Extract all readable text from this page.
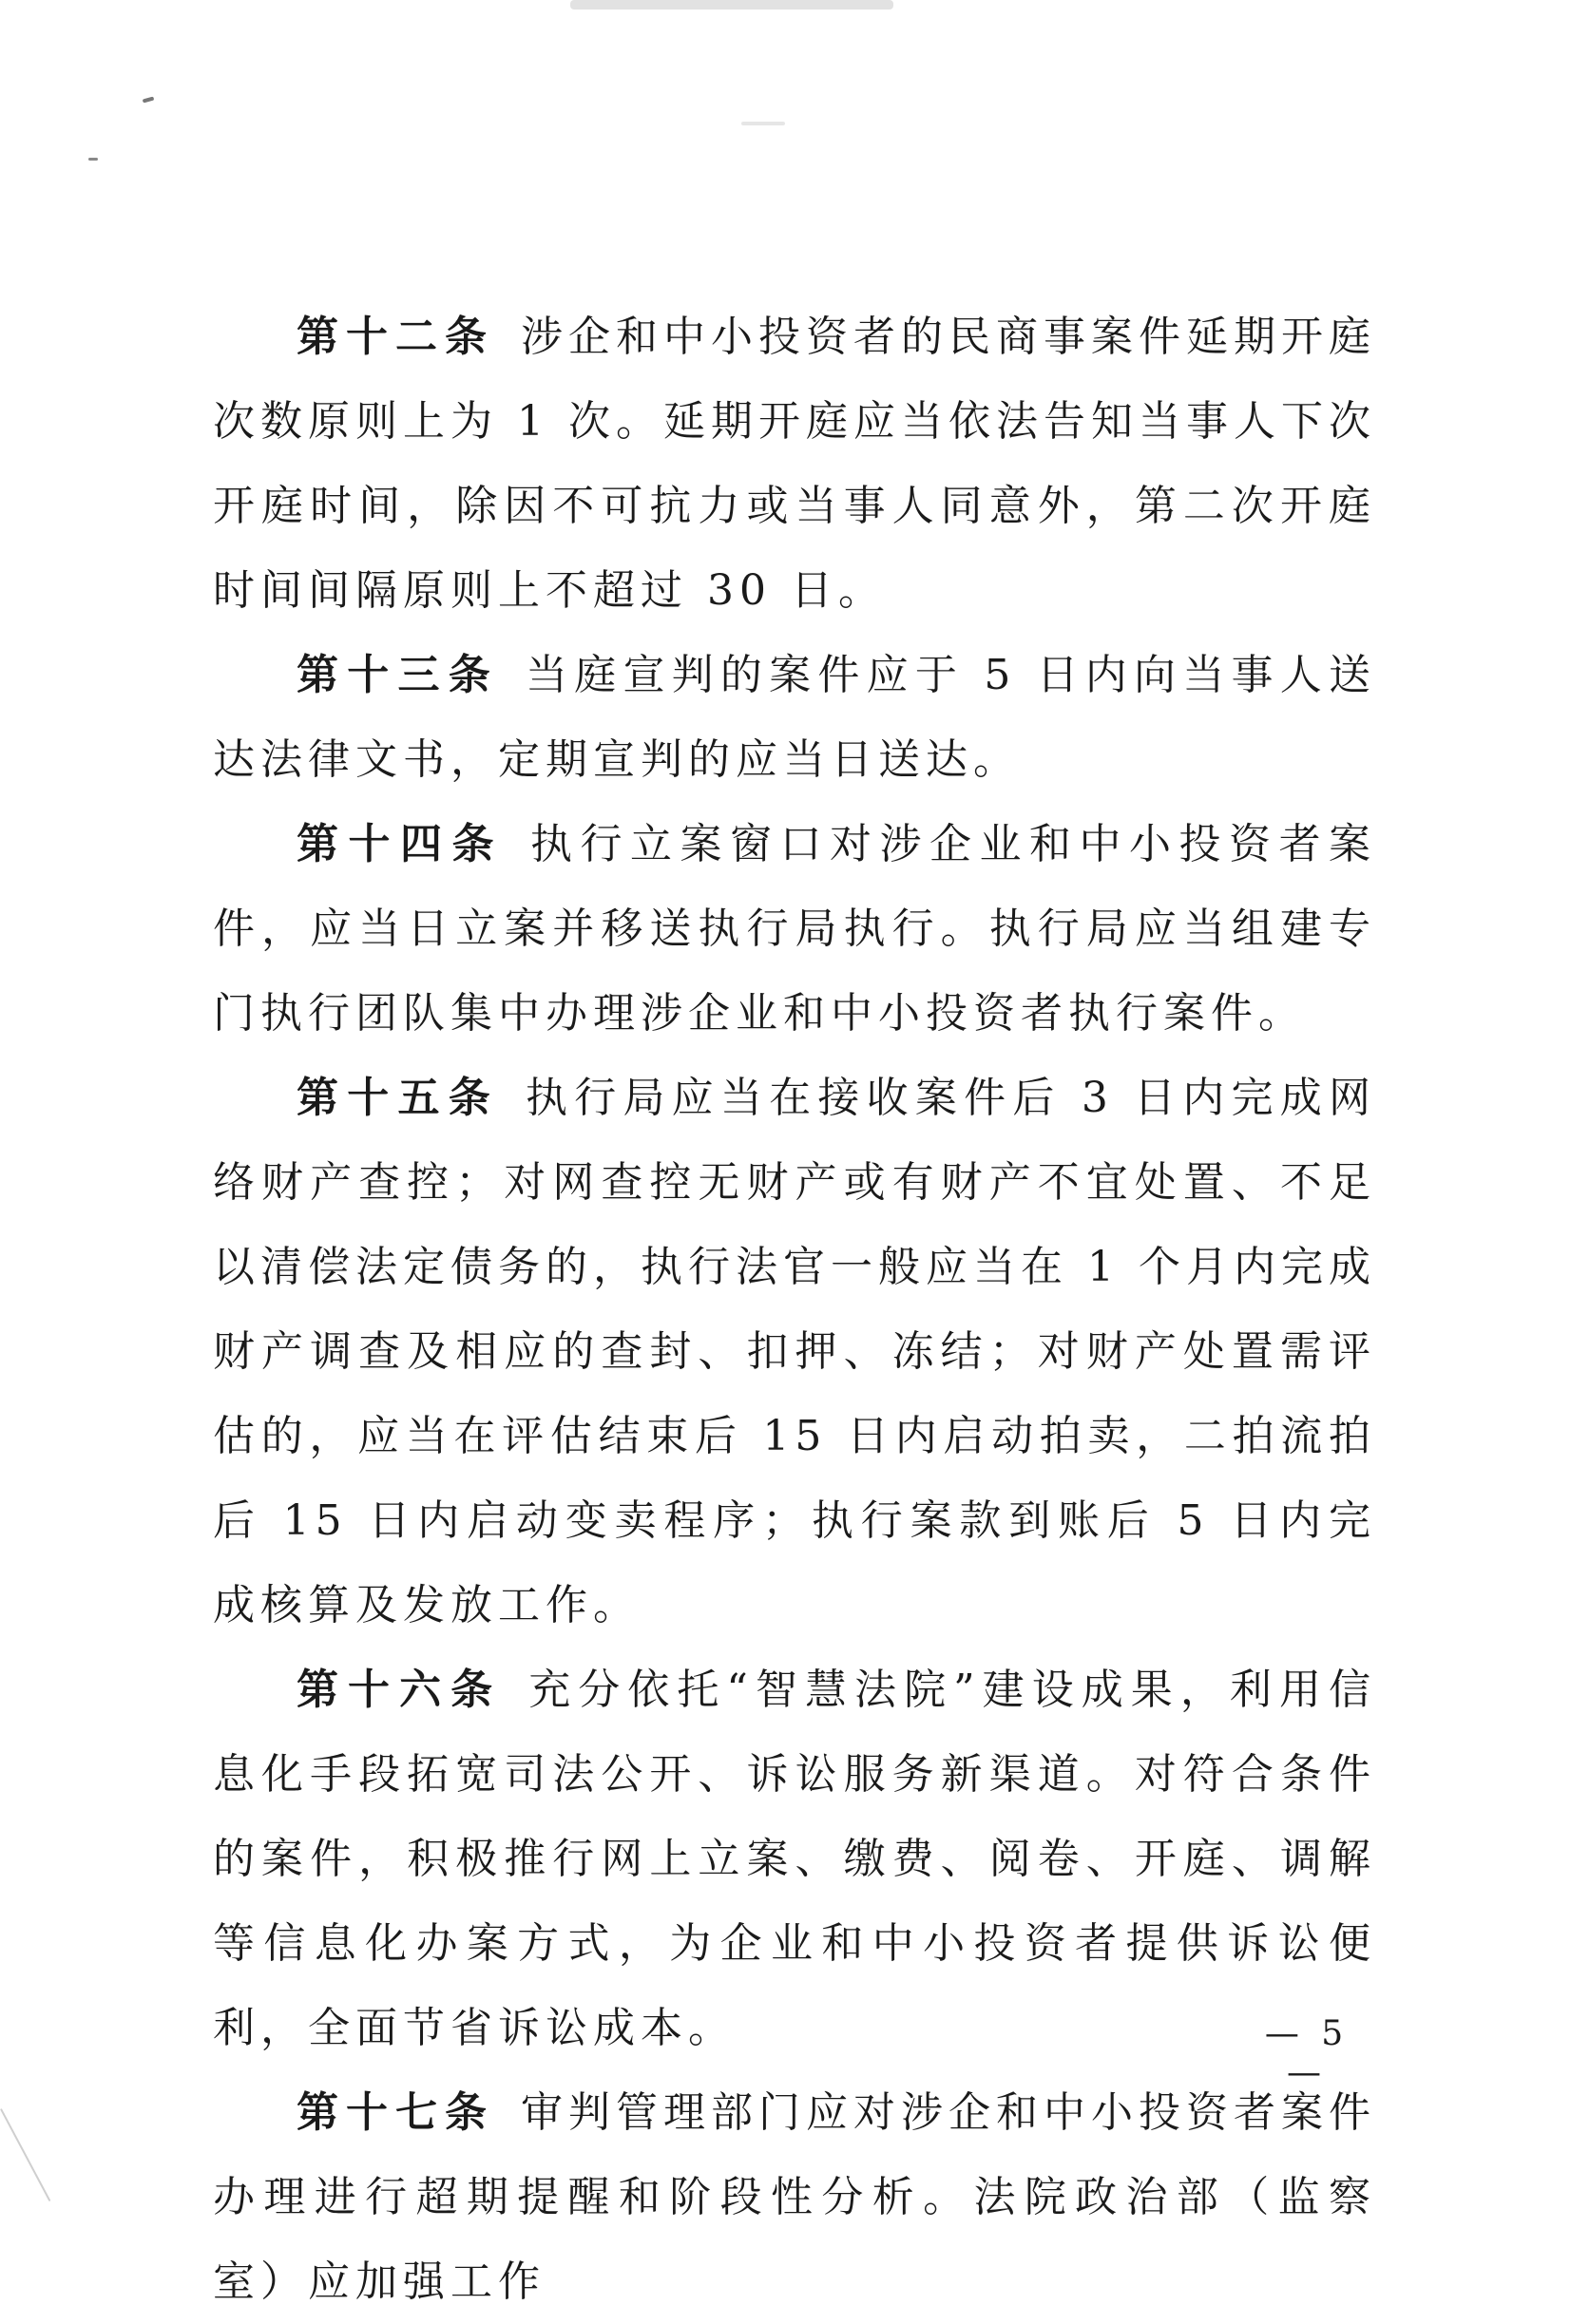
第十二条 涉企和中小投资者的民商事案件延期开庭次数原则上为 1 次。延期开庭应当依法告知当事人下次开庭时间，除因不可抗力或当事人同意外，第二次开庭时间间隔原则上不超过 30 日。

第十三条 当庭宣判的案件应于 5 日内向当事人送达法律文书，定期宣判的应当日送达。

第十四条 执行立案窗口对涉企业和中小投资者案件，应当日立案并移送执行局执行。执行局应当组建专门执行团队集中办理涉企业和中小投资者执行案件。

第十五条 执行局应当在接收案件后 3 日内完成网络财产查控；对网查控无财产或有财产不宜处置、不足以清偿法定债务的，执行法官一般应当在 1 个月内完成财产调查及相应的查封、扣押、冻结；对财产处置需评估的，应当在评估结束后 15 日内启动拍卖，二拍流拍后 15 日内启动变卖程序；执行案款到账后 5 日内完成核算及发放工作。

第十六条 充分依托“智慧法院”建设成果，利用信息化手段拓宽司法公开、诉讼服务新渠道。对符合条件的案件，积极推行网上立案、缴费、阅卷、开庭、调解等信息化办案方式，为企业和中小投资者提供诉讼便利，全面节省诉讼成本。

第十七条 审判管理部门应对涉企和中小投资者案件办理进行超期提醒和阶段性分析。法院政治部（监察室）应加强工作

— 5 —
